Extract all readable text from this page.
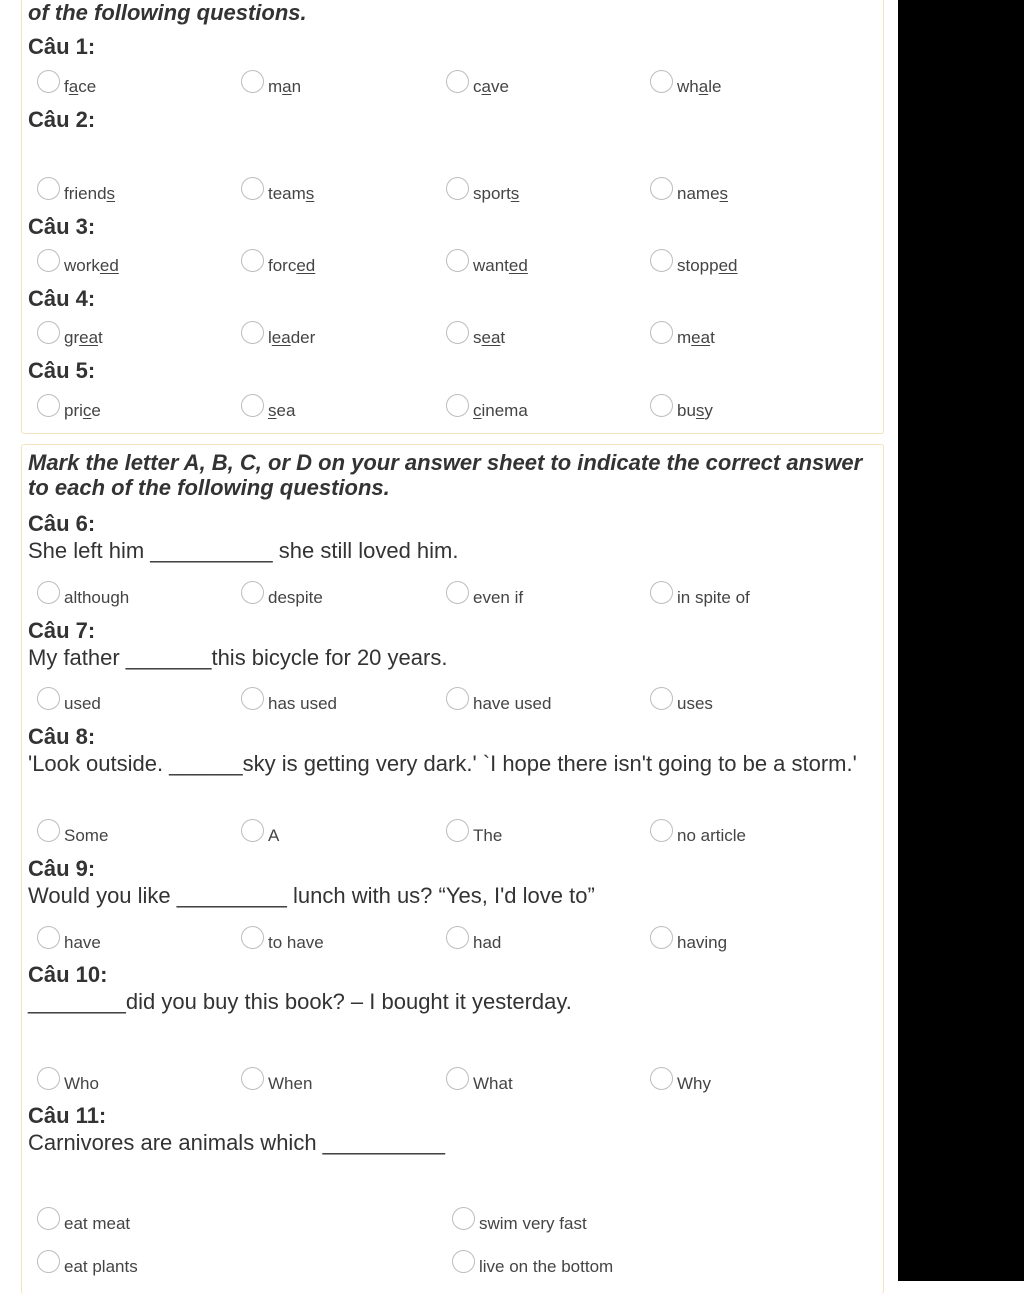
of the following questions.

Câu 1:

face	man	cave	whale

Câu 2:

friends	teams	sports	names

Câu 3:

worked	forced	wanted	stopped

Câu 4:

great	leader	seat	meat

Câu 5:

price	sea	cinema	busy

Mark the letter A, B, C, or D on your answer sheet to indicate the correct answer to each of the following questions.

Câu 6:

She left him __________ she still loved him.

although	despite	even if	in spite of

Câu 7:

My father _______this bicycle for 20 years.

used	has used	have used	uses

Câu 8:

'Look outside. ______sky is getting very dark.' `I hope there isn't going to be a storm.'

Some	A	The	no article

Câu 9:

Would you like _________ lunch with us? “Yes, I'd love to”

have	to have	had	having

Câu 10:

________did you buy this book? – I bought it yesterday.

Who	When	What	Why

Câu 11:

Carnivores are animals which __________

eat meat	swim very fast
eat plants	live on the bottom
